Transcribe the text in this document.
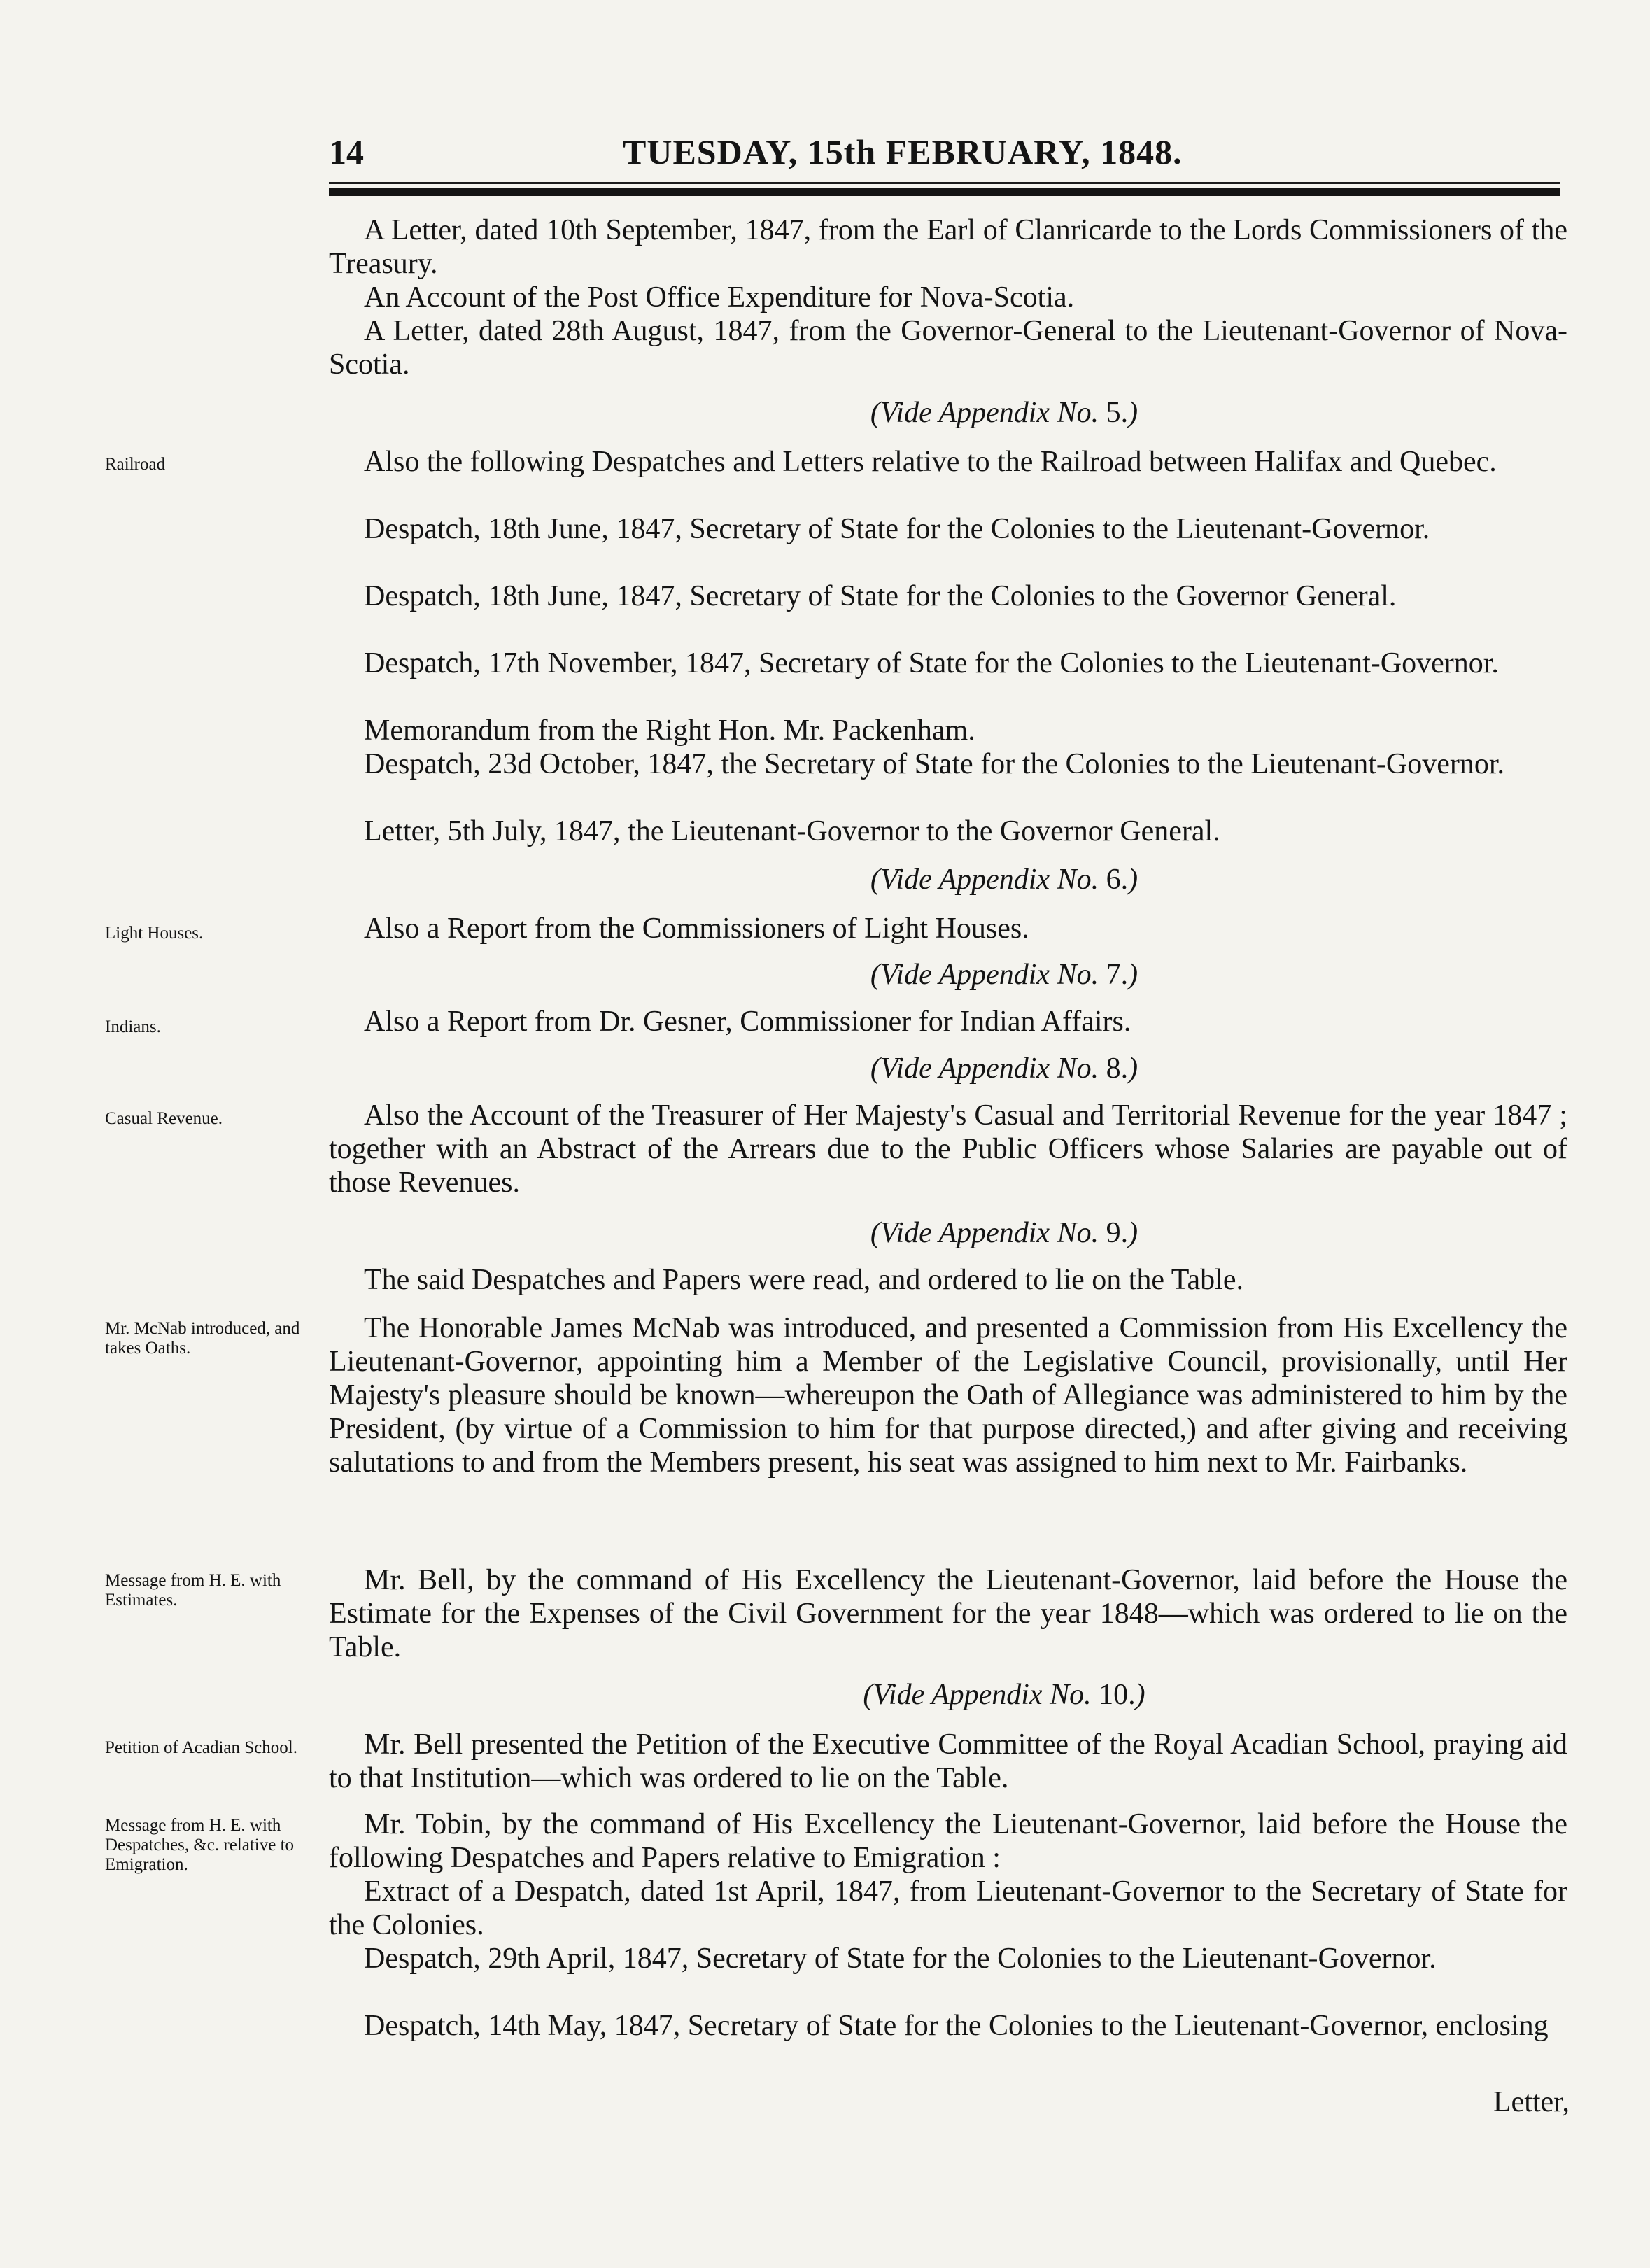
14	TUESDAY, 15th FEBRUARY, 1848.

A Letter, dated 10th September, 1847, from the Earl of Clanricarde to the Lords Commissioners of the Treasury.

An Account of the Post Office Expenditure for Nova-Scotia.

A Letter, dated 28th August, 1847, from the Governor-General to the Lieutenant-Governor of Nova-Scotia.

(Vide Appendix No. 5.)
Railroad	Also the following Despatches and Letters relative to the Railroad between Halifax and Quebec.

Despatch, 18th June, 1847, Secretary of State for the Colonies to the Lieutenant-Governor.

Despatch, 18th June, 1847, Secretary of State for the Colonies to the Governor General.

Despatch, 17th November, 1847, Secretary of State for the Colonies to the Lieutenant-Governor.

Memorandum from the Right Hon. Mr. Packenham.

Despatch, 23d October, 1847, the Secretary of State for the Colonies to the Lieutenant-Governor.

Letter, 5th July, 1847, the Lieutenant-Governor to the Governor General.

(Vide Appendix No. 6.)
Light Houses.	Also a Report from the Commissioners of Light Houses.

(Vide Appendix No. 7.)
Indians.	Also a Report from Dr. Gesner, Commissioner for Indian Affairs.

(Vide Appendix No. 8.)
Casual Revenue.	Also the Account of the Treasurer of Her Majesty's Casual and Territorial Revenue for the year 1847 ; together with an Abstract of the Arrears due to the Public Officers whose Salaries are payable out of those Revenues.

(Vide Appendix No. 9.)

The said Despatches and Papers were read, and ordered to lie on the Table.

Mr. McNab introduced, and takes Oaths.

The Honorable James McNab was introduced, and presented a Commission from His Excellency the Lieutenant-Governor, appointing him a Member of the Legislative Council, provisionally, until Her Majesty's pleasure should be known—whereupon the Oath of Allegiance was administered to him by the President, (by virtue of a Commission to him for that purpose directed,) and after giving and receiving salutations to and from the Members present, his seat was assigned to him next to Mr. Fairbanks.

Message from H. E. with Estimates.

Mr. Bell, by the command of His Excellency the Lieutenant-Governor, laid before the House the Estimate for the Expenses of the Civil Government for the year 1848—which was ordered to lie on the Table.

(Vide Appendix No. 10.)
Petition of Acadian School.	Mr. Bell presented the Petition of the Executive Committee of the Royal Acadian School, praying aid to that Institution—which was ordered to lie on the Table.

Message from H. E. with Despatches, &c. relative to Emigration.

Mr. Tobin, by the command of His Excellency the Lieutenant-Governor, laid before the House the following Despatches and Papers relative to Emigration :

Extract of a Despatch, dated 1st April, 1847, from Lieutenant-Governor to the Secretary of State for the Colonies.

Despatch, 29th April, 1847, Secretary of State for the Colonies to the Lieutenant-Governor.

Despatch, 14th May, 1847, Secretary of State for the Colonies to the Lieutenant-Governor, enclosing

Letter,
